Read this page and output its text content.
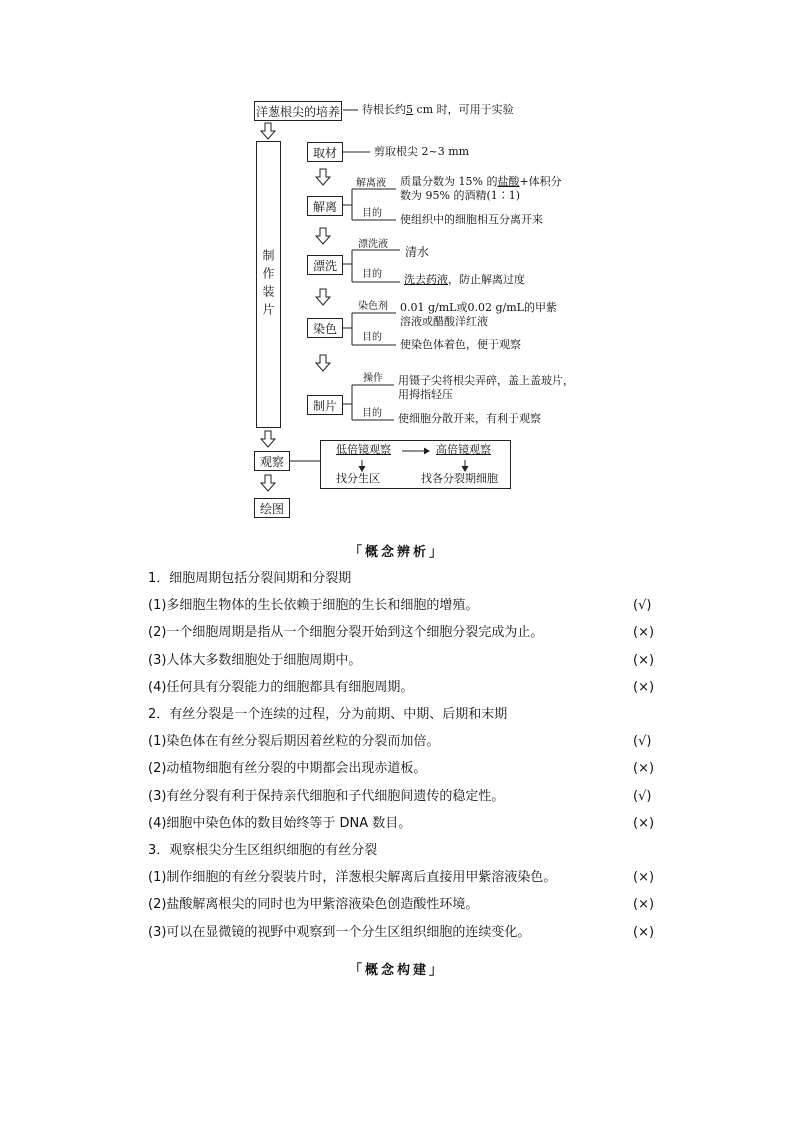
洋葱根尖的培养 待根长约5 cm 时，可用于实验
制作装片
取材	剪取根尖 2~3 mm
解离
解离液 质量分数为 15% 的盐酸+体积分
数为 95% 的酒精(1∶1)
目的 使组织中的细胞相互分离开来
漂洗
漂洗液
清水
目的 洗去药液，防止解离过度
染色
染色剂 0.01 g/mL或0.02 g/mL的甲紫
溶液或醋酸洋红液
目的
使染色体着色，便于观察
制片
操作 用镊子尖将根尖弄碎，盖上盖玻片，
用拇指轻压
目的 使细胞分散开来，有利于观察
观察
低倍镜观察	高倍镜观察
找分生区	找各分裂期细胞
绘图
「概念辨析」
1．细胞周期包括分裂间期和分裂期
(1)多细胞生物体的生长依赖于细胞的生长和细胞的增殖。	(√)
(2)一个细胞周期是指从一个细胞分裂开始到这个细胞分裂完成为止。	(×)
(3)人体大多数细胞处于细胞周期中。	(×)
(4)任何具有分裂能力的细胞都具有细胞周期。	(×)
2．有丝分裂是一个连续的过程，分为前期、中期、后期和末期
(1)染色体在有丝分裂后期因着丝粒的分裂而加倍。	(√)
(2)动植物细胞有丝分裂的中期都会出现赤道板。	(×)
(3)有丝分裂有利于保持亲代细胞和子代细胞间遗传的稳定性。	(√)
(4)细胞中染色体的数目始终等于 DNA 数目。	(×)
3．观察根尖分生区组织细胞的有丝分裂
(1)制作细胞的有丝分裂装片时，洋葱根尖解离后直接用甲紫溶液染色。	(×)
(2)盐酸解离根尖的同时也为甲紫溶液染色创造酸性环境。	(×)
(3)可以在显微镜的视野中观察到一个分生区组织细胞的连续变化。	(×)
「概念构建」
